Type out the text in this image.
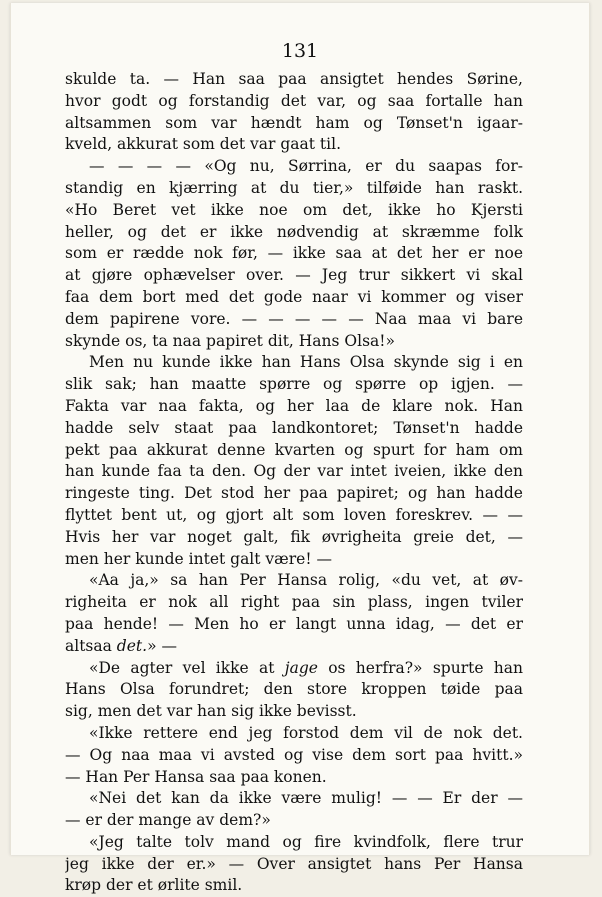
131
skulde ta. — Han saa paa ansigtet hendes Sørine,
hvor godt og forstandig det var, og saa fortalle han
altsammen som var hændt ham og Tønset'n igaar-
kveld, akkurat som det var gaat til.
— — — — «Og nu, Sørrina, er du saapas for-
standig en kjærring at du tier,» tilføide han raskt.
«Ho Beret vet ikke noe om det, ikke ho Kjersti
heller, og det er ikke nødvendig at skræmme folk
som er rædde nok før, — ikke saa at det her er noe
at gjøre ophævelser over. — Jeg trur sikkert vi skal
faa dem bort med det gode naar vi kommer og viser
dem papirene vore. — — — — — Naa maa vi bare
skynde os, ta naa papiret dit, Hans Olsa!»
Men nu kunde ikke han Hans Olsa skynde sig i en
slik sak; han maatte spørre og spørre op igjen. —
Fakta var naa fakta, og her laa de klare nok. Han
hadde selv staat paa landkontoret; Tønset'n hadde
pekt paa akkurat denne kvarten og spurt for ham om
han kunde faa ta den. Og der var intet iveien, ikke den
ringeste ting. Det stod her paa papiret; og han hadde
flyttet bent ut, og gjort alt som loven foreskrev. — —
Hvis her var noget galt, fik øvrigheita greie det, —
men her kunde intet galt være! —
«Aa ja,» sa han Per Hansa rolig, «du vet, at øv-
righeita er nok all right paa sin plass, ingen tviler
paa hende! — Men ho er langt unna idag, — det er
altsaa det.» —
«De agter vel ikke at jage os herfra?» spurte han
Hans Olsa forundret; den store kroppen tøide paa
sig, men det var han sig ikke bevisst.
«Ikke rettere end jeg forstod dem vil de nok det.
— Og naa maa vi avsted og vise dem sort paa hvitt.»
— Han Per Hansa saa paa konen.
«Nei det kan da ikke være mulig! — — Er der —
— er der mange av dem?»
«Jeg talte tolv mand og fire kvindfolk, flere trur
jeg ikke der er.» — Over ansigtet hans Per Hansa
krøp der et ørlite smil.
